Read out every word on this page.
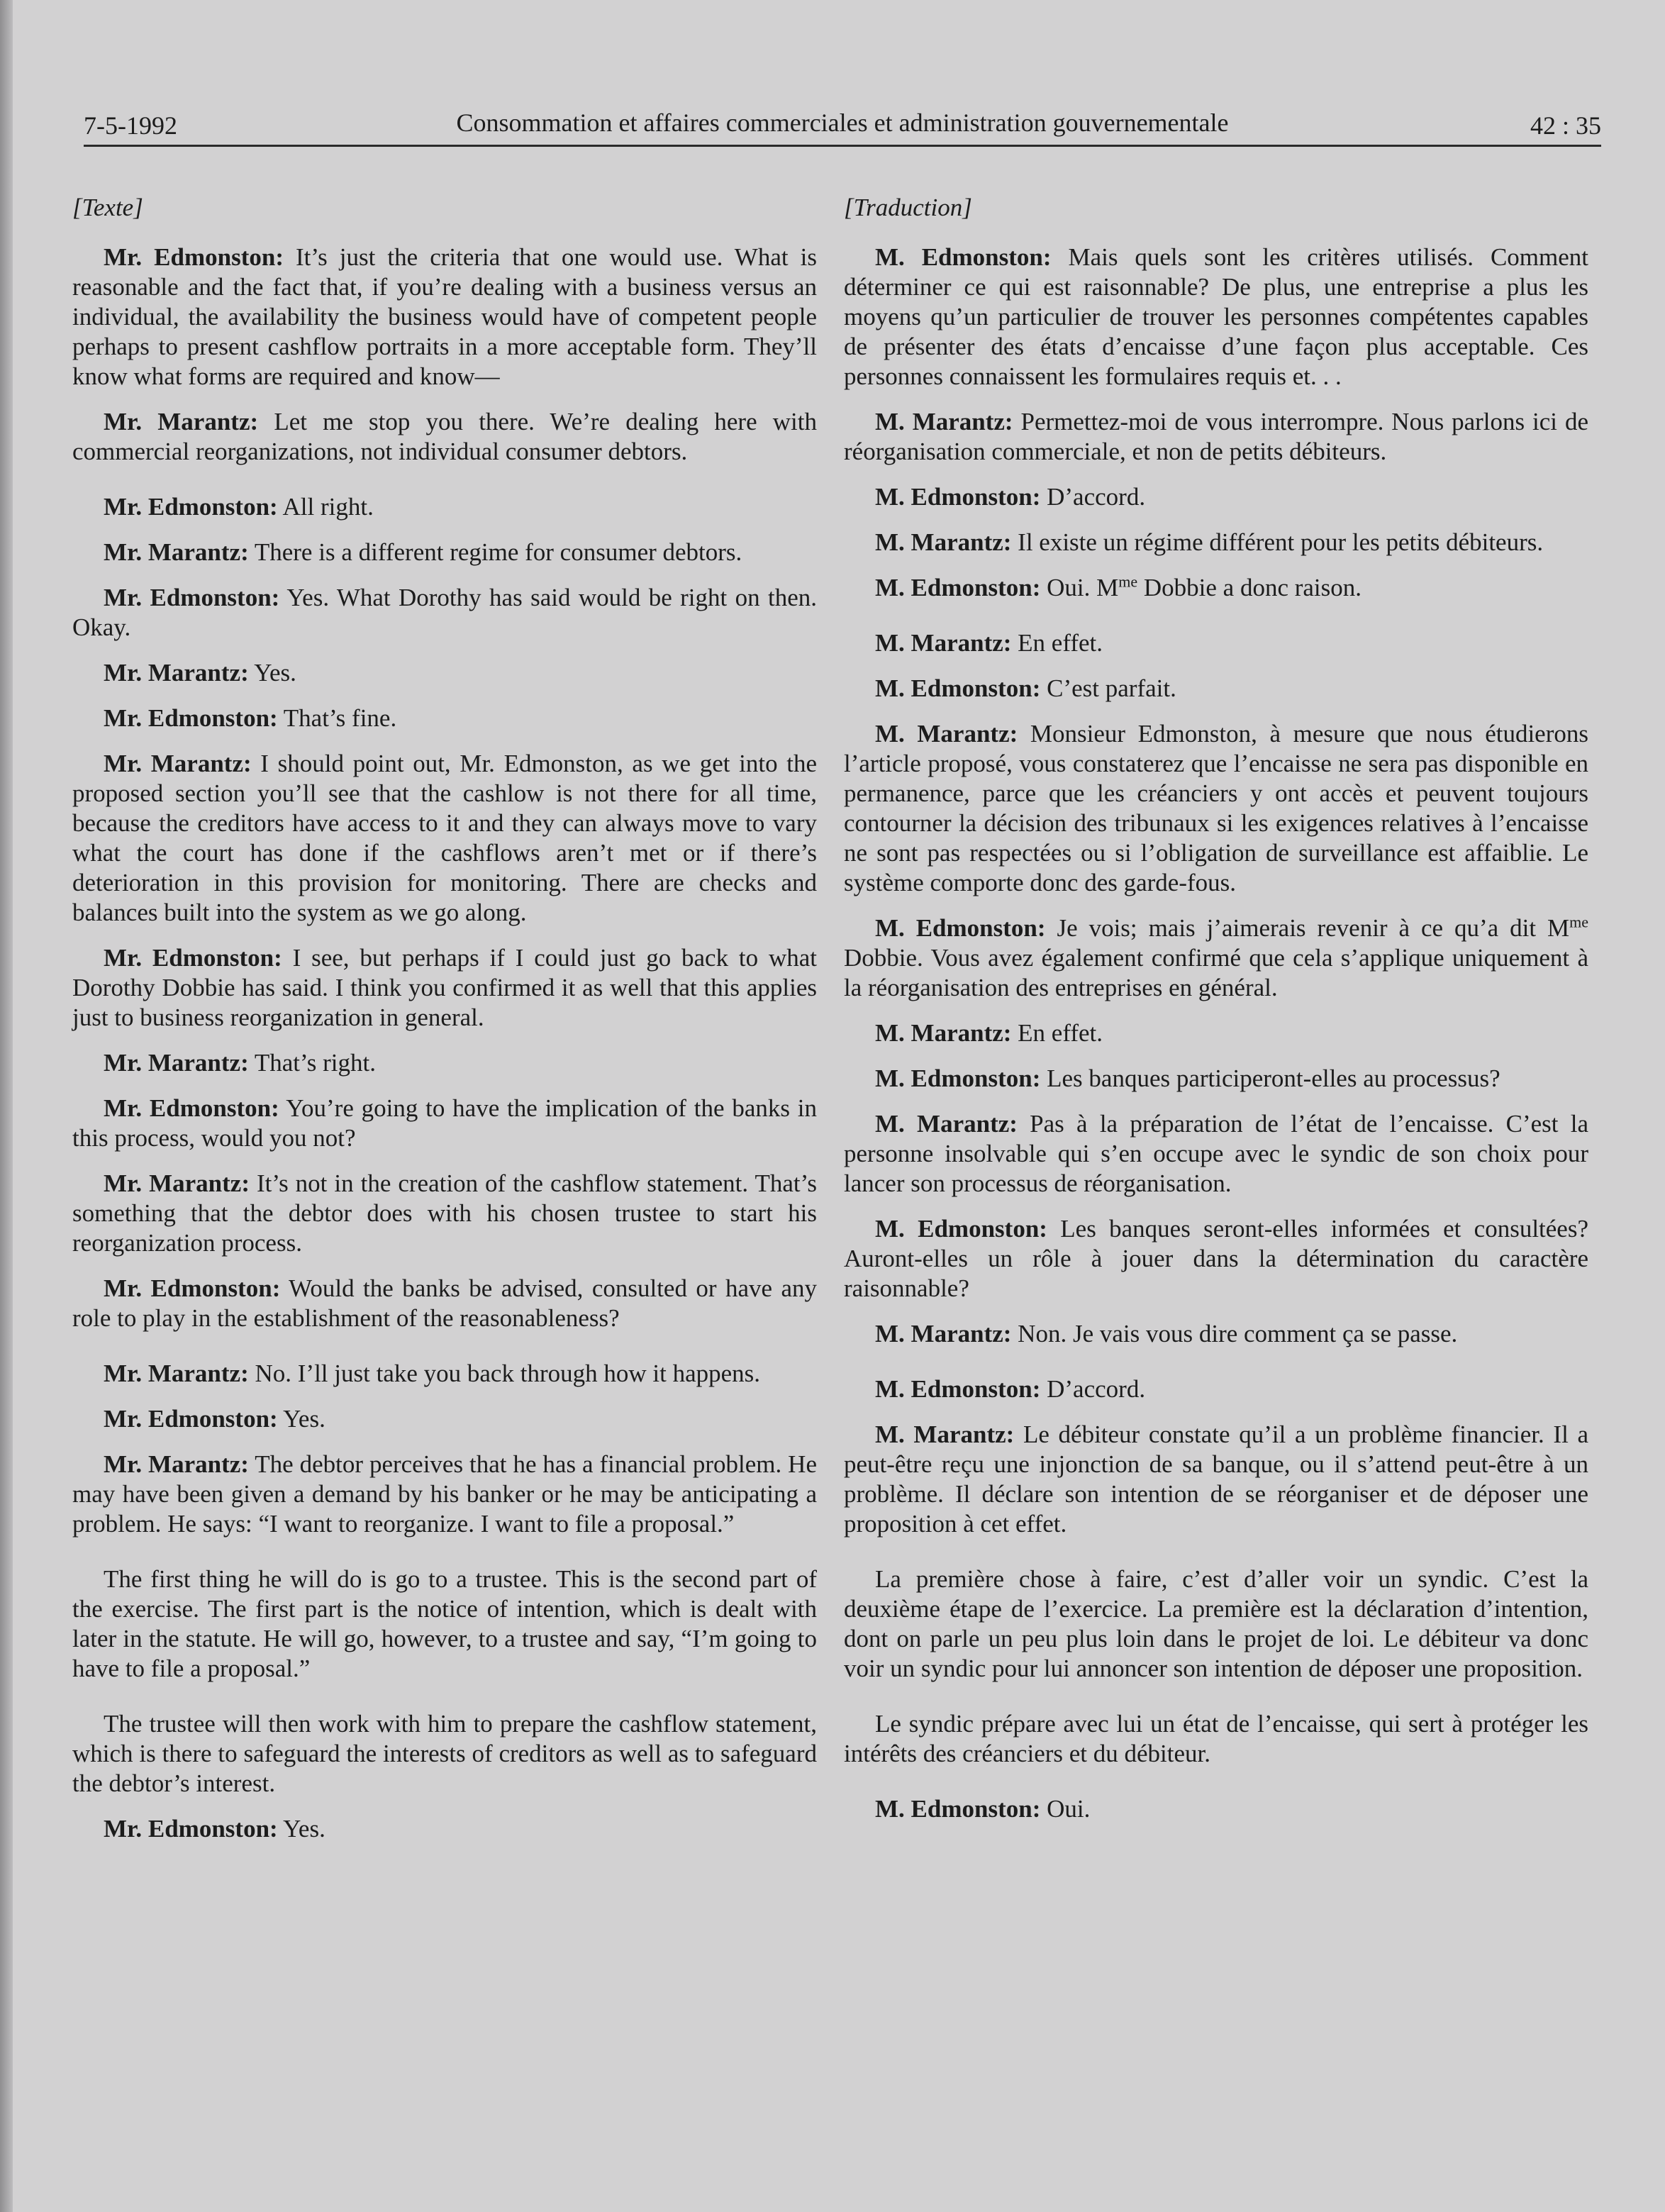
7-5-1992	Consommation et affaires commerciales et administration gouvernementale	42 : 35
[Texte]
Mr. Edmonston: It’s just the criteria that one would use. What is reasonable and the fact that, if you’re dealing with a business versus an individual, the availability the business would have of competent people perhaps to present cashflow portraits in a more acceptable form. They’ll know what forms are required and know—
Mr. Marantz: Let me stop you there. We’re dealing here with commercial reorganizations, not individual consumer debtors.
Mr. Edmonston: All right.
Mr. Marantz: There is a different regime for consumer debtors.
Mr. Edmonston: Yes. What Dorothy has said would be right on then. Okay.
Mr. Marantz: Yes.
Mr. Edmonston: That’s fine.
Mr. Marantz: I should point out, Mr. Edmonston, as we get into the proposed section you’ll see that the cashlow is not there for all time, because the creditors have access to it and they can always move to vary what the court has done if the cashflows aren’t met or if there’s deterioration in this provision for monitoring. There are checks and balances built into the system as we go along.
Mr. Edmonston: I see, but perhaps if I could just go back to what Dorothy Dobbie has said. I think you confirmed it as well that this applies just to business reorganization in general.
Mr. Marantz: That’s right.
Mr. Edmonston: You’re going to have the implication of the banks in this process, would you not?
Mr. Marantz: It’s not in the creation of the cashflow statement. That’s something that the debtor does with his chosen trustee to start his reorganization process.
Mr. Edmonston: Would the banks be advised, consulted or have any role to play in the establishment of the reasonableness?
Mr. Marantz: No. I’ll just take you back through how it happens.
Mr. Edmonston: Yes.
Mr. Marantz: The debtor perceives that he has a financial problem. He may have been given a demand by his banker or he may be anticipating a problem. He says: “I want to reorganize. I want to file a proposal.”
The first thing he will do is go to a trustee. This is the second part of the exercise. The first part is the notice of intention, which is dealt with later in the statute. He will go, however, to a trustee and say, “I’m going to have to file a proposal.”
The trustee will then work with him to prepare the cashflow statement, which is there to safeguard the interests of creditors as well as to safeguard the debtor’s interest.
Mr. Edmonston: Yes.
[Traduction]
M. Edmonston: Mais quels sont les critères utilisés. Comment déterminer ce qui est raisonnable? De plus, une entreprise a plus les moyens qu’un particulier de trouver les personnes compétentes capables de présenter des états d’encaisse d’une façon plus acceptable. Ces personnes connaissent les formulaires requis et. . .
M. Marantz: Permettez-moi de vous interrompre. Nous parlons ici de réorganisation commerciale, et non de petits débiteurs.
M. Edmonston: D’accord.
M. Marantz: Il existe un régime différent pour les petits débiteurs.
M. Edmonston: Oui. $M^{me}$ Dobbie a donc raison.
M. Marantz: En effet.
M. Edmonston: C’est parfait.
M. Marantz: Monsieur Edmonston, à mesure que nous étudierons l’article proposé, vous constaterez que l’encaisse ne sera pas disponible en permanence, parce que les créanciers y ont accès et peuvent toujours contourner la décision des tribunaux si les exigences relatives à l’encaisse ne sont pas respectées ou si l’obligation de surveillance est affaiblie. Le système comporte donc des garde-fous.
M. Edmonston: Je vois; mais j’aimerais revenir à ce qu’a dit $M^{me}$ Dobbie. Vous avez également confirmé que cela s’applique uniquement à la réorganisation des entreprises en général.
M. Marantz: En effet.
M. Edmonston: Les banques participeront-elles au processus?
M. Marantz: Pas à la préparation de l’état de l’encaisse. C’est la personne insolvable qui s’en occupe avec le syndic de son choix pour lancer son processus de réorganisation.
M. Edmonston: Les banques seront-elles informées et consultées? Auront-elles un rôle à jouer dans la détermination du caractère raisonnable?
M. Marantz: Non. Je vais vous dire comment ça se passe.
M. Edmonston: D’accord.
M. Marantz: Le débiteur constate qu’il a un problème financier. Il a peut-être reçu une injonction de sa banque, ou il s’attend peut-être à un problème. Il déclare son intention de se réorganiser et de déposer une proposition à cet effet.
La première chose à faire, c’est d’aller voir un syndic. C’est la deuxième étape de l’exercice. La première est la déclaration d’intention, dont on parle un peu plus loin dans le projet de loi. Le débiteur va donc voir un syndic pour lui annoncer son intention de déposer une proposition.
Le syndic prépare avec lui un état de l’encaisse, qui sert à protéger les intérêts des créanciers et du débiteur.
M. Edmonston: Oui.
